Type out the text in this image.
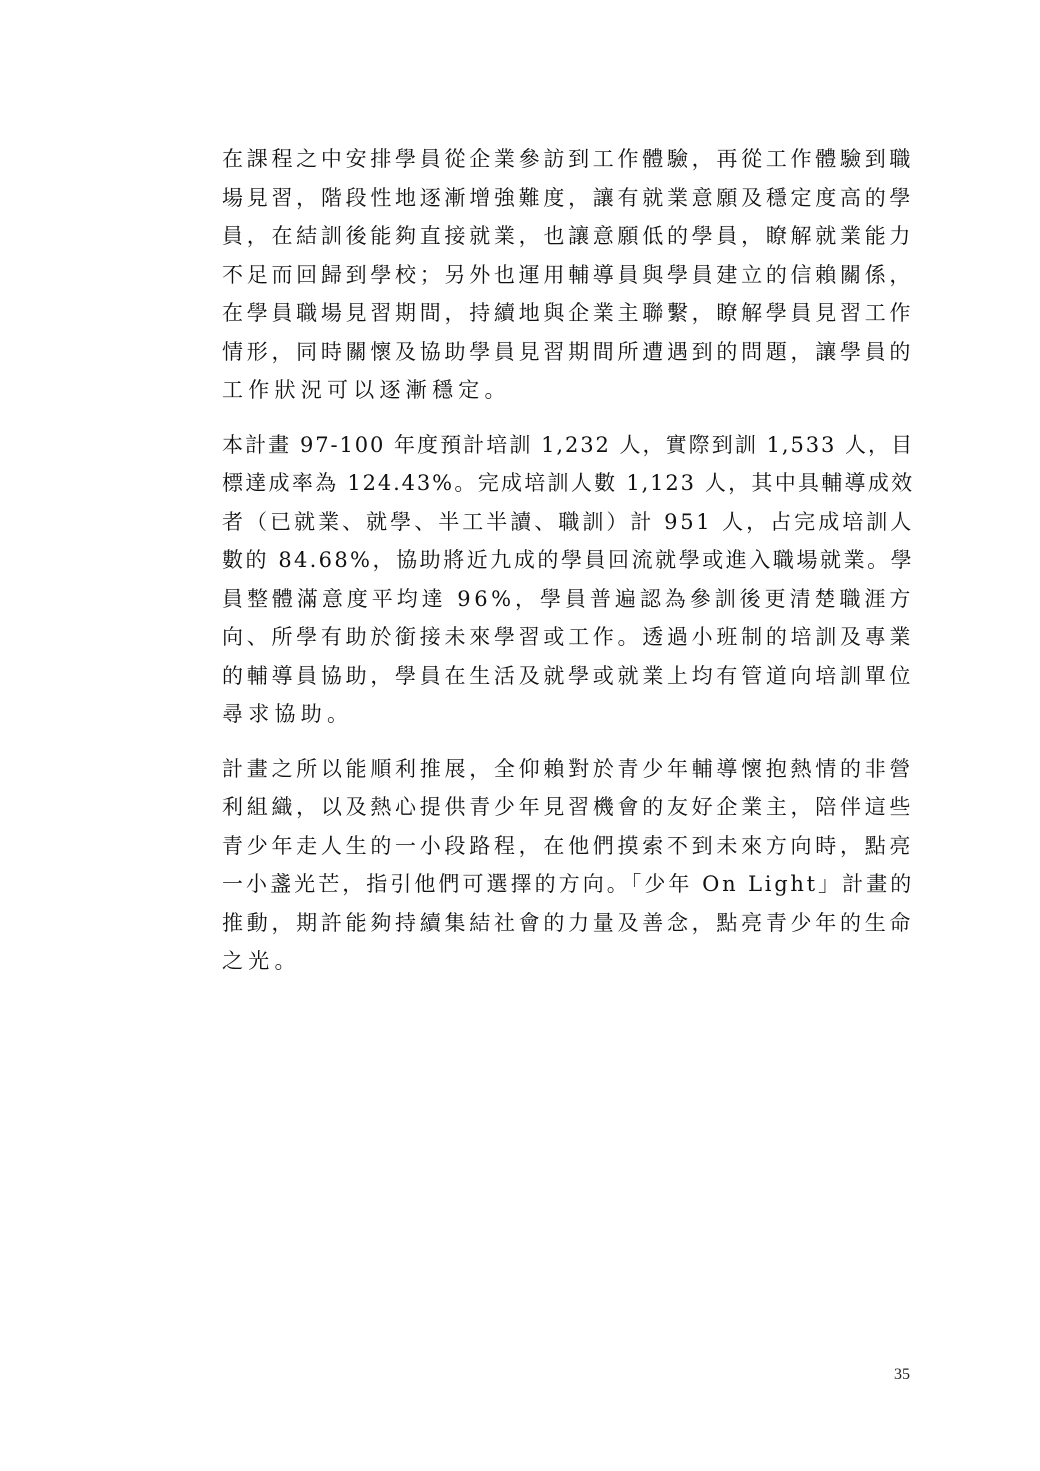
在課程之中安排學員從企業參訪到工作體驗，再從工作體驗到職
場見習，階段性地逐漸增強難度，讓有就業意願及穩定度高的學
員，在結訓後能夠直接就業，也讓意願低的學員，瞭解就業能力
不足而回歸到學校；另外也運用輔導員與學員建立的信賴關係，
在學員職場見習期間，持續地與企業主聯繫，瞭解學員見習工作
情形，同時關懷及協助學員見習期間所遭遇到的問題，讓學員的
工作狀況可以逐漸穩定。
本計畫 97-100 年度預計培訓 1,232 人，實際到訓 1,533 人，目
標達成率為 124.43%。完成培訓人數 1,123 人，其中具輔導成效
者（已就業、就學、半工半讀、職訓）計 951 人，占完成培訓人
數的 84.68%，協助將近九成的學員回流就學或進入職場就業。學
員整體滿意度平均達 96%，學員普遍認為參訓後更清楚職涯方
向、所學有助於銜接未來學習或工作。透過小班制的培訓及專業
的輔導員協助，學員在生活及就學或就業上均有管道向培訓單位
尋求協助。
計畫之所以能順利推展，全仰賴對於青少年輔導懷抱熱情的非營
利組織，以及熱心提供青少年見習機會的友好企業主，陪伴這些
青少年走人生的一小段路程，在他們摸索不到未來方向時，點亮
一小盞光芒，指引他們可選擇的方向。「少年 On Light」計畫的
推動，期許能夠持續集結社會的力量及善念，點亮青少年的生命
之光。
35
